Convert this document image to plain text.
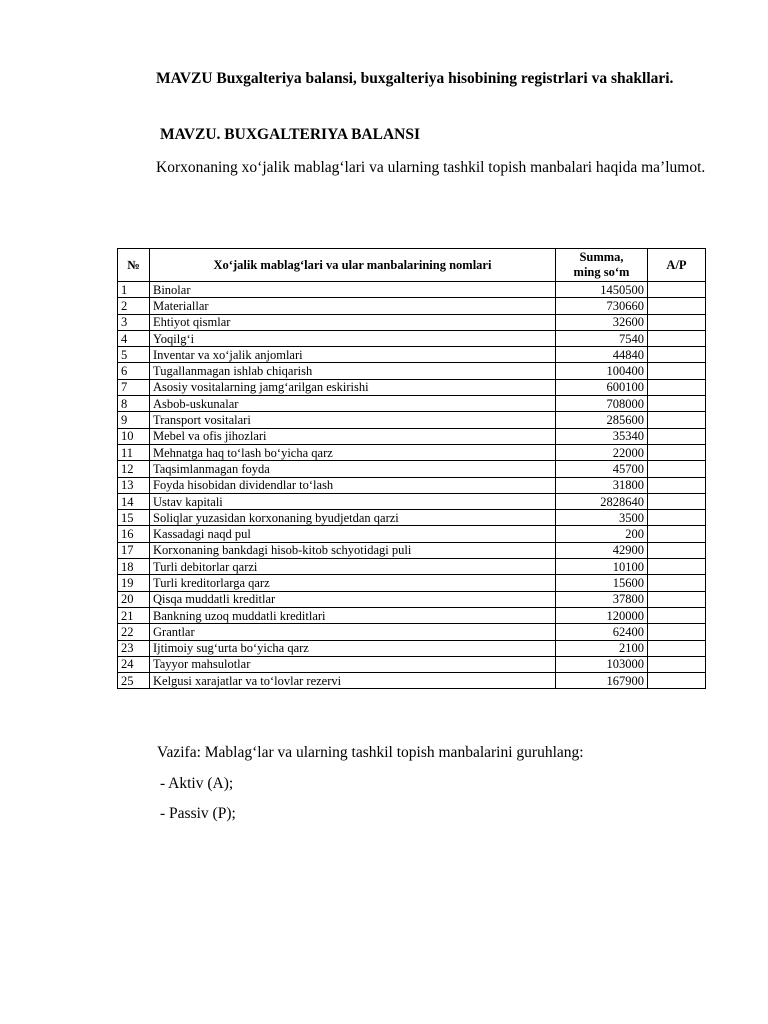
MAVZU Buxgalteriya balansi, buxgalteriya hisobining registrlari va shakllari.

MAVZU. BUXGALTERIYA BALANSI

Korxonaning xo‘jalik mablag‘lari va ularning tashkil topish manbalari haqida ma’lumot.

№	Xo‘jalik mablag‘lari va ular manbalarining nomlari	Summa,
ming so‘m	A/P
1	Binolar	1450500	
2	Materiallar	730660	
3	Ehtiyot qismlar	32600	
4	Yoqilg‘i	7540	
5	Inventar va xo‘jalik anjomlari	44840	
6	Tugallanmagan ishlab chiqarish	100400	
7	Asosiy vositalarning jamg‘arilgan eskirishi	600100	
8	Asbob-uskunalar	708000	
9	Transport vositalari	285600	
10	Mebel va ofis jihozlari	35340	
11	Mehnatga haq to‘lash bo‘yicha qarz	22000	
12	Taqsimlanmagan foyda	45700	
13	Foyda hisobidan dividendlar to‘lash	31800	
14	Ustav kapitali	2828640	
15	Soliqlar yuzasidan korxonaning byudjetdan qarzi	3500	
16	Kassadagi naqd pul	200	
17	Korxonaning bankdagi hisob-kitob schyotidagi puli	42900	
18	Turli debitorlar qarzi	10100	
19	Turli kreditorlarga qarz	15600	
20	Qisqa muddatli kreditlar	37800	
21	Bankning uzoq muddatli kreditlari	120000	
22	Grantlar	62400	
23	Ijtimoiy sug‘urta bo‘yicha qarz	2100	
24	Tayyor mahsulotlar	103000	
25	Kelgusi xarajatlar va to‘lovlar rezervi	167900	

Vazifa: Mablag‘lar va ularning tashkil topish manbalarini guruhlang:

- Aktiv (A);

- Passiv (P);
